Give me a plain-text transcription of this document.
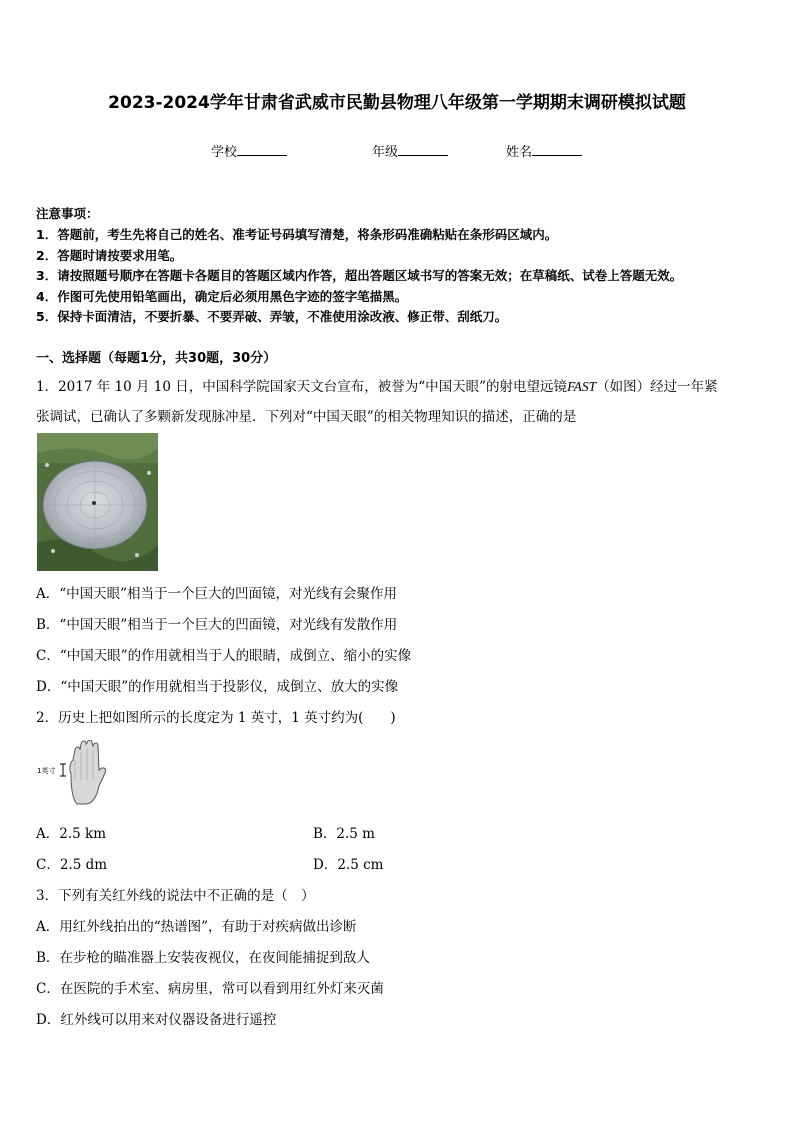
2023-2024学年甘肃省武威市民勤县物理八年级第一学期期末调研模拟试题
学校	年级	姓名
注意事项：
1．答题前，考生先将自己的姓名、准考证号码填写清楚，将条形码准确粘贴在条形码区域内。
2．答题时请按要求用笔。
3．请按照题号顺序在答题卡各题目的答题区域内作答，超出答题区域书写的答案无效；在草稿纸、试卷上答题无效。
4．作图可先使用铅笔画出，确定后必须用黑色字迹的签字笔描黑。
5．保持卡面清洁，不要折暴、不要弄破、弄皱，不准使用涂改液、修正带、刮纸刀。
一、选择题（每题1分，共30题，30分）
1．2017 年 10 月 10 日，中国科学院国家天文台宣布，被誉为“中国天眼”的射电望远镜FAST（如图）经过一年紧
张调试，已确认了多颗新发现脉冲星．下列对“中国天眼”的相关物理知识的描述，正确的是
A．“中国天眼”相当于一个巨大的凹面镜，对光线有会聚作用
B．“中国天眼”相当于一个巨大的凹面镜，对光线有发散作用
C．“中国天眼”的作用就相当于人的眼睛，成倒立、缩小的实像
D．“中国天眼”的作用就相当于投影仪，成倒立、放大的实像
2．历史上把如图所示的长度定为 1 英寸，1 英寸约为(　　)
1英寸
A．2.5 km	B．2.5 m
C．2.5 dm	D．2.5 cm
3．下列有关红外线的说法中不正确的是（　）
A．用红外线拍出的“热谱图”，有助于对疾病做出诊断
B．在步枪的瞄准器上安装夜视仪，在夜间能捕捉到敌人
C．在医院的手术室、病房里，常可以看到用红外灯来灭菌
D．红外线可以用来对仪器设备进行遥控
